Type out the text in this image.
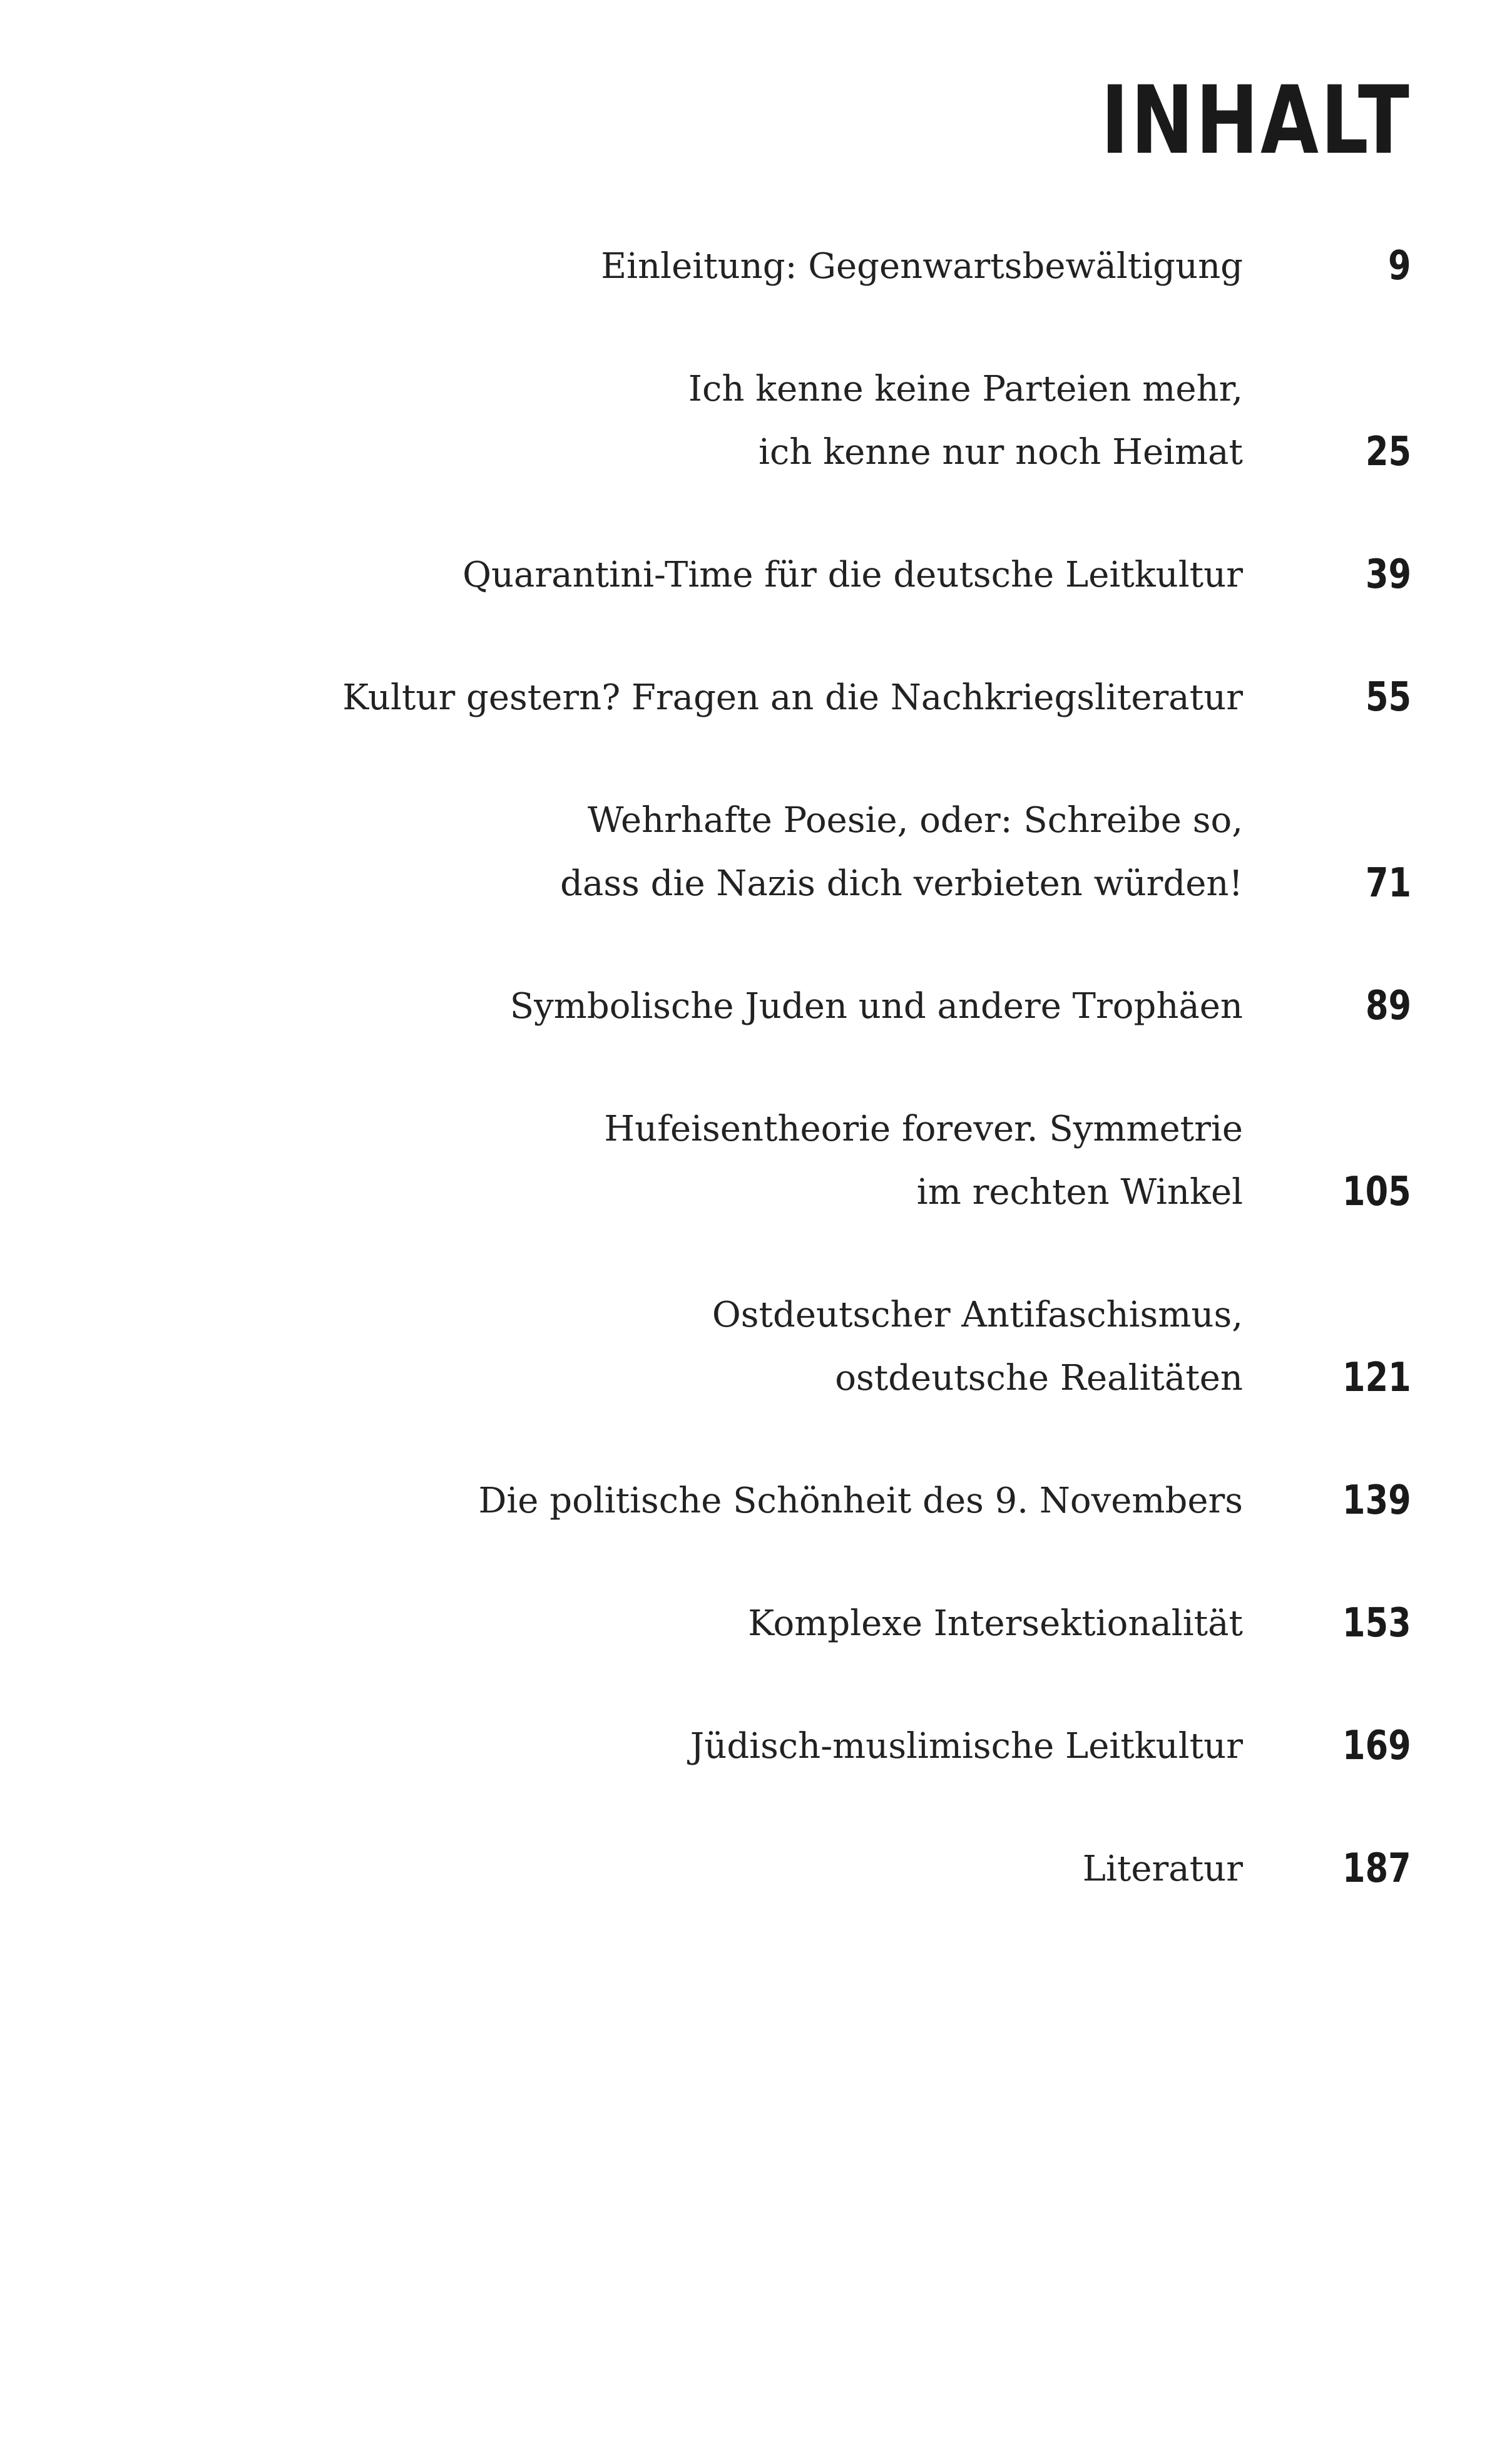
INHALT
Einleitung: Gegenwartsbewältigung	9
Ich kenne keine Parteien mehr,
ich kenne nur noch Heimat	25
Quarantini-Time für die deutsche Leitkultur	39
Kultur gestern? Fragen an die Nachkriegsliteratur	55
Wehrhafte Poesie, oder: Schreibe so,
dass die Nazis dich verbieten würden!	71
Symbolische Juden und andere Trophäen	89
Hufeisentheorie forever. Symmetrie
im rechten Winkel 105
Ostdeutscher Antifaschismus,
ostdeutsche Realitäten 121
Die politische Schönheit des 9. Novembers 139
Komplexe Intersektionalität 153
Jüdisch-muslimische Leitkultur 169
Literatur 187
